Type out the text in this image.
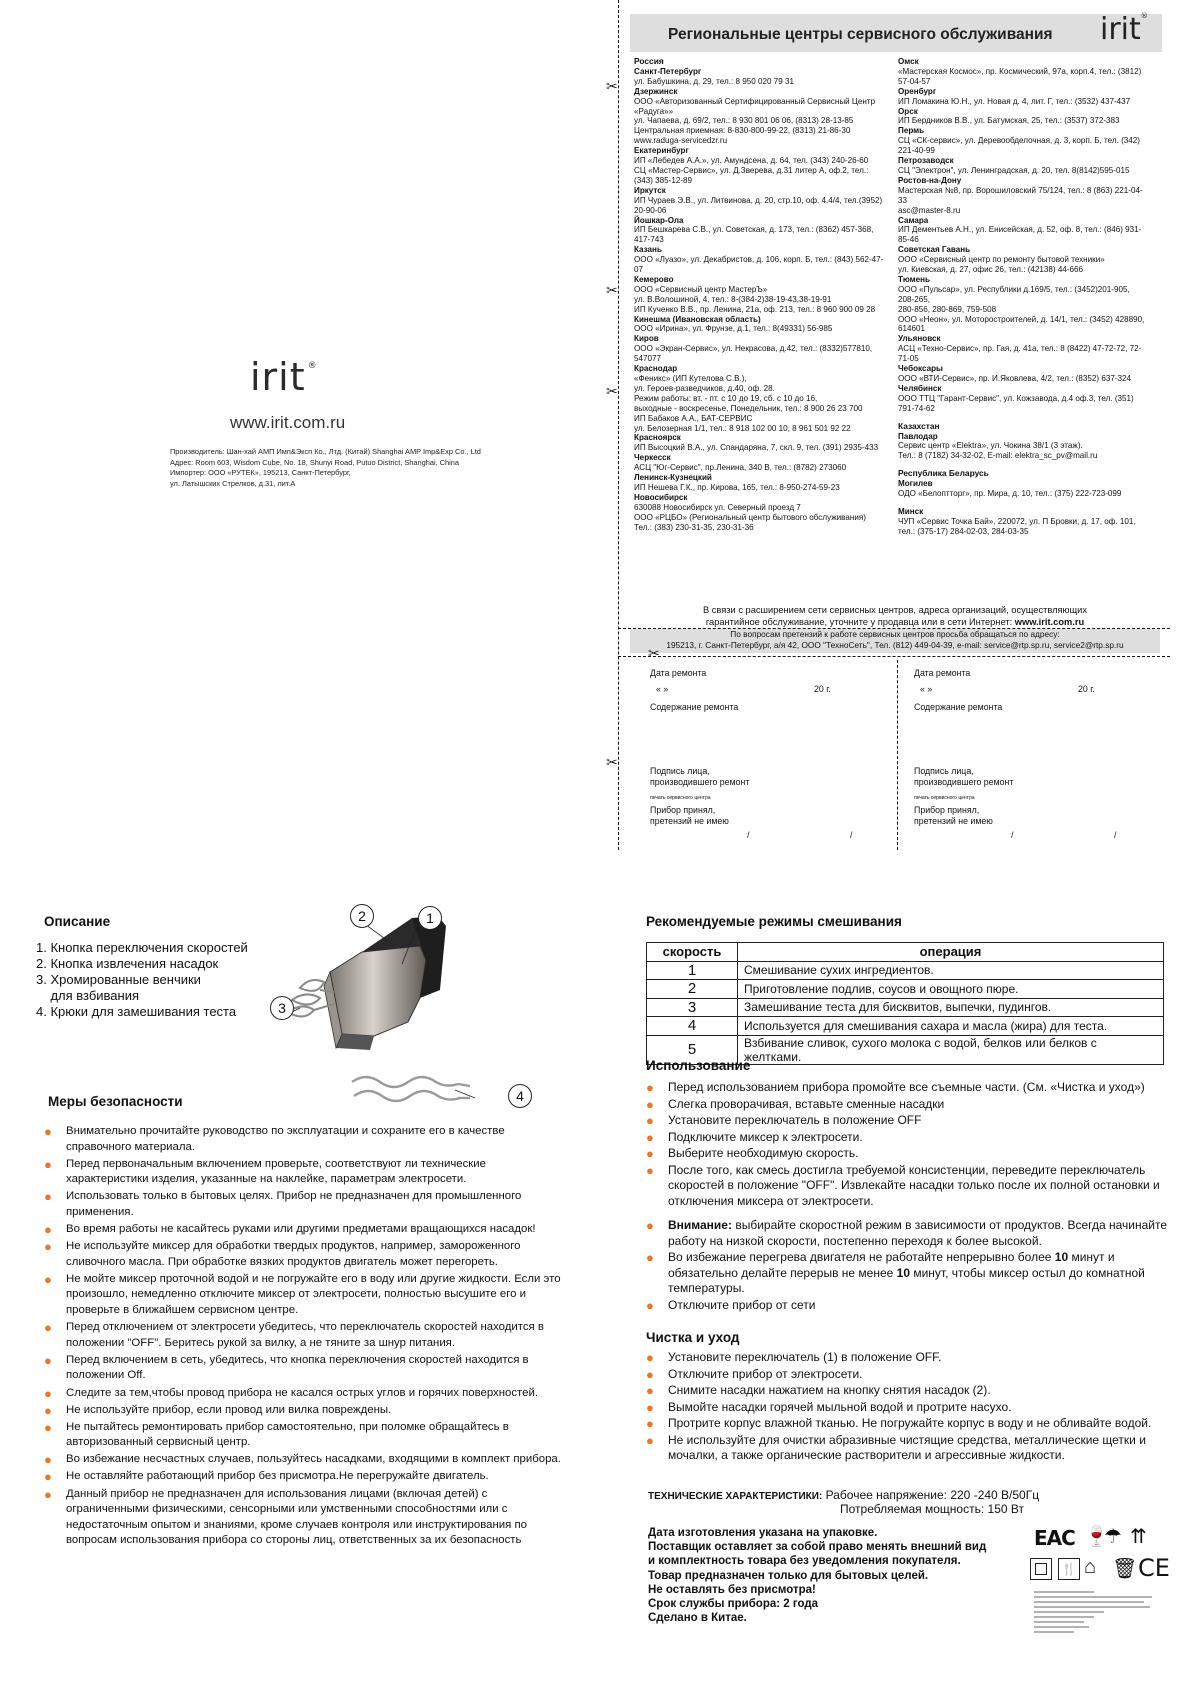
irit ®
www.irit.com.ru
Производитель: Шан-хай АМП Имп&Эксп Ко., Лтд. (Китай) Shanghai AMP Imp&Exp Co., Ltd
Адрес: Room 603, Wisdom Cube, No. 18, Shunyi Road, Putuo District, Shanghai, China
Импортер: ООО «РУТЕК», 195213, Санкт-Петербург,
ул. Латышских Стрелков, д.31, лит.А
✂
✂
✂
✂
Региональные центры сервисного обслуживания irit®
Россия
Санкт-Петербург
ул. Бабушкина, д. 29, тел.: 8 950 020 79 31
Дзержинск
ООО «Авторизованный Сертифицированный Сервисный Центр «Радуга»»
ул. Чапаева, д. 69/2, тел.: 8 930 801 06 06, (8313) 28-13-85
Центральная приемная: 8-830-800-99-22, (8313) 21-86-30
www.raduga-servicedzr.ru
Екатеринбург
ИП «Лебедев А.А.», ул. Амундсена, д. 64, тел. (343) 240-26-60
СЦ «Мастер-Сервис», ул. Д.Зверева, д.31 литер А, оф.2, тел.: (343) 385-12-89
Иркутск
ИП Чураев Э.В., ул. Литвинова, д. 20, стр.10, оф. 4.4/4, тел.(3952) 20-90-06
Йошкар-Ола
ИП Бешкарева С.В., ул. Советская, д. 173, тел.: (8362) 457-368, 417-743
Казань
ООО «Луазо», ул. Декабристов, д. 106, корп. Б, тел.: (843) 562-47-07
Кемерово
ООО «Сервисный центр МастерЪ»
ул. В.Волошиной, 4, тел.: 8-(384-2)38-19-43,38-19-91
ИП Кученко В.В., пр. Ленина, 21а, оф. 213, тел.: 8 960 900 09 28
Кинешма (Ивановская область)
ООО «Ирина», ул. Фрунзе, д.1, тел.: 8(49331) 56-985
Киров
ООО «Экран-Сервис», ул. Некрасова, д.42, тел.: (8332)577810, 547077
Краснодар
«Феникс» (ИП Кутелова С.В.),
ул. Героев-разведчиков, д.40, оф. 28.
Режим работы: вт. - пт. с 10 до 19, сб. с 10 до 16,
выходные - воскресенье, Понедельник, тел.: 8 900 26 23 700
ИП Бабаков А.А., БАТ-СЕРВИС
ул. Белозерная 1/1, тел.: 8 918 102 00 10, 8 961 501 92 22
Красноярск
ИП Высоцкий В.А., ул. Спандаряна, 7, скл. 9, тел. (391) 2935-433
Черкесск
АСЦ "Юг-Сервис", пр.Ленина, 340 В, тел.: (8782) 273060
Ленинск-Кузнецкий
ИП Нешева Г.К., пр. Кирова, 165, тел.: 8-950-274-59-23
Новосибирск
630088 Новосибирск ул. Северный проезд 7
ООО «РЦБО» (Региональный центр бытового обслуживания)
Тел.: (383) 230-31-35, 230-31-36
Омск
«Мастерская Космос», пр. Космический, 97а, корп.4, тел.: (3812) 57-04-57
Оренбург
ИП Ломакина Ю.Н., ул. Новая д. 4, лит. Г, тел.: (3532) 437-437
Орск
ИП Бердников В.В., ул. Батумская, 25, тел.: (3537) 372-383
Пермь
СЦ «СК-сервис», ул. Деревообделочная, д. 3, корп. Б, тел. (342) 221-40-99
Петрозаводск
СЦ "Электрон", ул. Ленинградская, д. 20, тел. 8(8142)595-015
Ростов-на-Дону
Мастерская №8, пр. Ворошиловский 75/124, тел.: 8 (863) 221-04-33
asc@master-8.ru
Самара
ИП Дементьев А.Н., ул. Енисейская, д. 52, оф. 8, тел.: (846) 931-85-46
Советская Гавань
ООО «Сервисный центр по ремонту бытовой техники»
ул. Киевская, д. 27, офис 26, тел.: (42138) 44-666
Тюмень
ООО «Пульсар», ул. Республики д.169/5, тел.: (3452)201-905, 208-265,
280-856, 280-869, 759-508
ООО «Неон», ул. Моторостроителей, д. 14/1, тел.: (3452) 428890, 614601
Ульяновск
АСЦ «Техно-Сервис», пр. Гая, д. 41а, тел.: 8 (8422) 47-72-72, 72-71-05
Чебоксары
ООО «ВТИ-Сервис», пр. И.Яковлева, 4/2, тел.: (8352) 637-324
Челябинск
ООО ТТЦ "Гарант-Сервис", ул. Кожзавода, д.4 оф.3, тел. (351) 791-74-62
Казахстан
Павлодар
Сервис центр «Elektra», ул. Чокина 38/1 (3 этаж).
Тел.: 8 (7182) 34-32-02, E-mail: elektra_sc_pv@mail.ru
Республика Беларусь
Могилев
ОДО «Белоптторг», пр. Мира, д. 10, тел.: (375) 222-723-099
Минск
ЧУП «Сервис Точка Бай», 220072, ул. П Бровки, д. 17, оф. 101,
тел.: (375-17) 284-02-03, 284-03-35
В связи с расширением сети сервисных центров, адреса организаций, осуществляющих
гарантийное обслуживание, уточните у продавца или в сети Интернет: www.irit.com.ru
По вопросам претензий к работе сервисных центров просьба обращаться по адресу:
195213, г. Санкт-Петербург, а/я 42, ООО "ТехноСеть", Тел. (812) 449-04-39, e-mail: service@rtp.sp.ru, service2@rtp.sp.ru
✂
Дата ремонта
« »	20 г.
Содержание ремонта
Подпись лица,
производившего ремонт
печать сервисного центра
Прибор принял,
претензий не имею
/	/
Дата ремонта
« »	20 г.
Содержание ремонта
Подпись лица,
производившего ремонт
печать сервисного центра
Прибор принял,
претензий не имею
/	/
Описание
1. Кнопка переключения скоростей
2. Кнопка извлечения насадок
3. Хромированные венчики
для взбивания
4. Крюки для замешивания теста
2	1
3
4
Меры безопасности
● Внимательно прочитайте руководство по эксплуатации и сохраните его в качестве справочного материала.
● Перед первоначальным включением проверьте, соответствуют ли технические характеристики изделия, указанные на наклейке, параметрам электросети.
● Использовать только в бытовых целях. Прибор не предназначен для промышленного применения.
● Во время работы не касайтесь руками или другими предметами вращающихся насадок!
● Не используйте миксер для обработки твердых продуктов, например, замороженного сливочного масла. При обработке вязких продуктов двигатель может перегореть.
● Не мойте миксер проточной водой и не погружайте его в воду или другие жидкости. Если это произошло, немедленно отключите миксер от электросети, полностью высушите его и проверьте в ближайшем сервисном центре.
● Перед отключением от электросети убедитесь, что переключатель скоростей находится в положении "OFF". Беритесь рукой за вилку, а не тяните за шнур питания.
● Перед включением в сеть, убедитесь, что кнопка переключения скоростей находится в положении Off.
● Следите за тем,чтобы провод прибора не касался острых углов и горячих поверхностей.
● Не используйте прибор, если провод или вилка повреждены.
● Не пытайтесь ремонтировать прибор самостоятельно, при поломке обращайтесь в авторизованный сервисный центр.
● Во избежание несчастных случаев, пользуйтесь насадками, входящими в комплект прибора.
● Не оставляйте работающий прибор без присмотра.Не перегружайте двигатель.
● Данный прибор не предназначен для использования лицами (включая детей) с ограниченными физическими, сенсорными или умственными способностями или с недостаточным опытом и знаниями, кроме случаев контроля или инструктирования по вопросам использования прибора со стороны лиц, ответственных за их безопасность
Рекомендуемые режимы смешивания
скорость	операция
1	Смешивание сухих ингредиентов.
2	Приготовление подлив, соусов и овощного пюре.
3	Замешивание теста для бисквитов, выпечки, пудингов.
4	Используется для смешивания сахара и масла (жира) для теста.
5	Взбивание сливок, сухого молока с водой, белков или белков с желтками.
Использование
● Перед использованием прибора промойте все съемные части. (См. «Чистка и уход»)
● Слегка проворачивая, вставьте сменные насадки
● Установите переключатель в положение OFF
● Подключите миксер к электросети.
● Выберите необходимую скорость.
● После того, как смесь достигла требуемой консистенции, переведите переключатель скоростей в положение "OFF". Извлекайте насадки только после их полной остановки и отключения миксера от электросети.
● Внимание: выбирайте скоростной режим в зависимости от продуктов. Всегда начинайте работу на низкой скорости, постепенно переходя к более высокой.
● Во избежание перегрева двигателя не работайте непрерывно более 10 минут и обязательно делайте перерыв не менее 10 минут, чтобы миксер остыл до комнатной температуры.
● Отключите прибор от сети
Чистка и уход
● Установите переключатель (1) в положение OFF.
● Отключите прибор от электросети.
● Снимите насадки нажатием на кнопку снятия насадок (2).
● Вымойте насадки горячей мыльной водой и протрите насухо.
● Протрите корпус влажной тканью. Не погружайте корпус в воду и не обливайте водой.
● Не используйте для очистки абразивные чистящие средства, металлические щетки и мочалки, а также органические растворители и агрессивные жидкости.
ТЕХНИЧЕСКИЕ ХАРАКТЕРИСТИКИ: Рабочее напряжение: 220 -240 В/50Гц
Потребляемая мощность: 150 Вт
Дата изготовления указана на упаковке.
Поставщик оставляет за собой право менять внешний вид
и комплектность товара без уведомления покупателя.
Товар предназначен только для бытовых целей.
Не оставлять без присмотра!
Срок службы прибора: 2 года
Сделано в Китае.
EAC 🍷
☂ ⇈
🍴 ⌂ 🗑 CE
